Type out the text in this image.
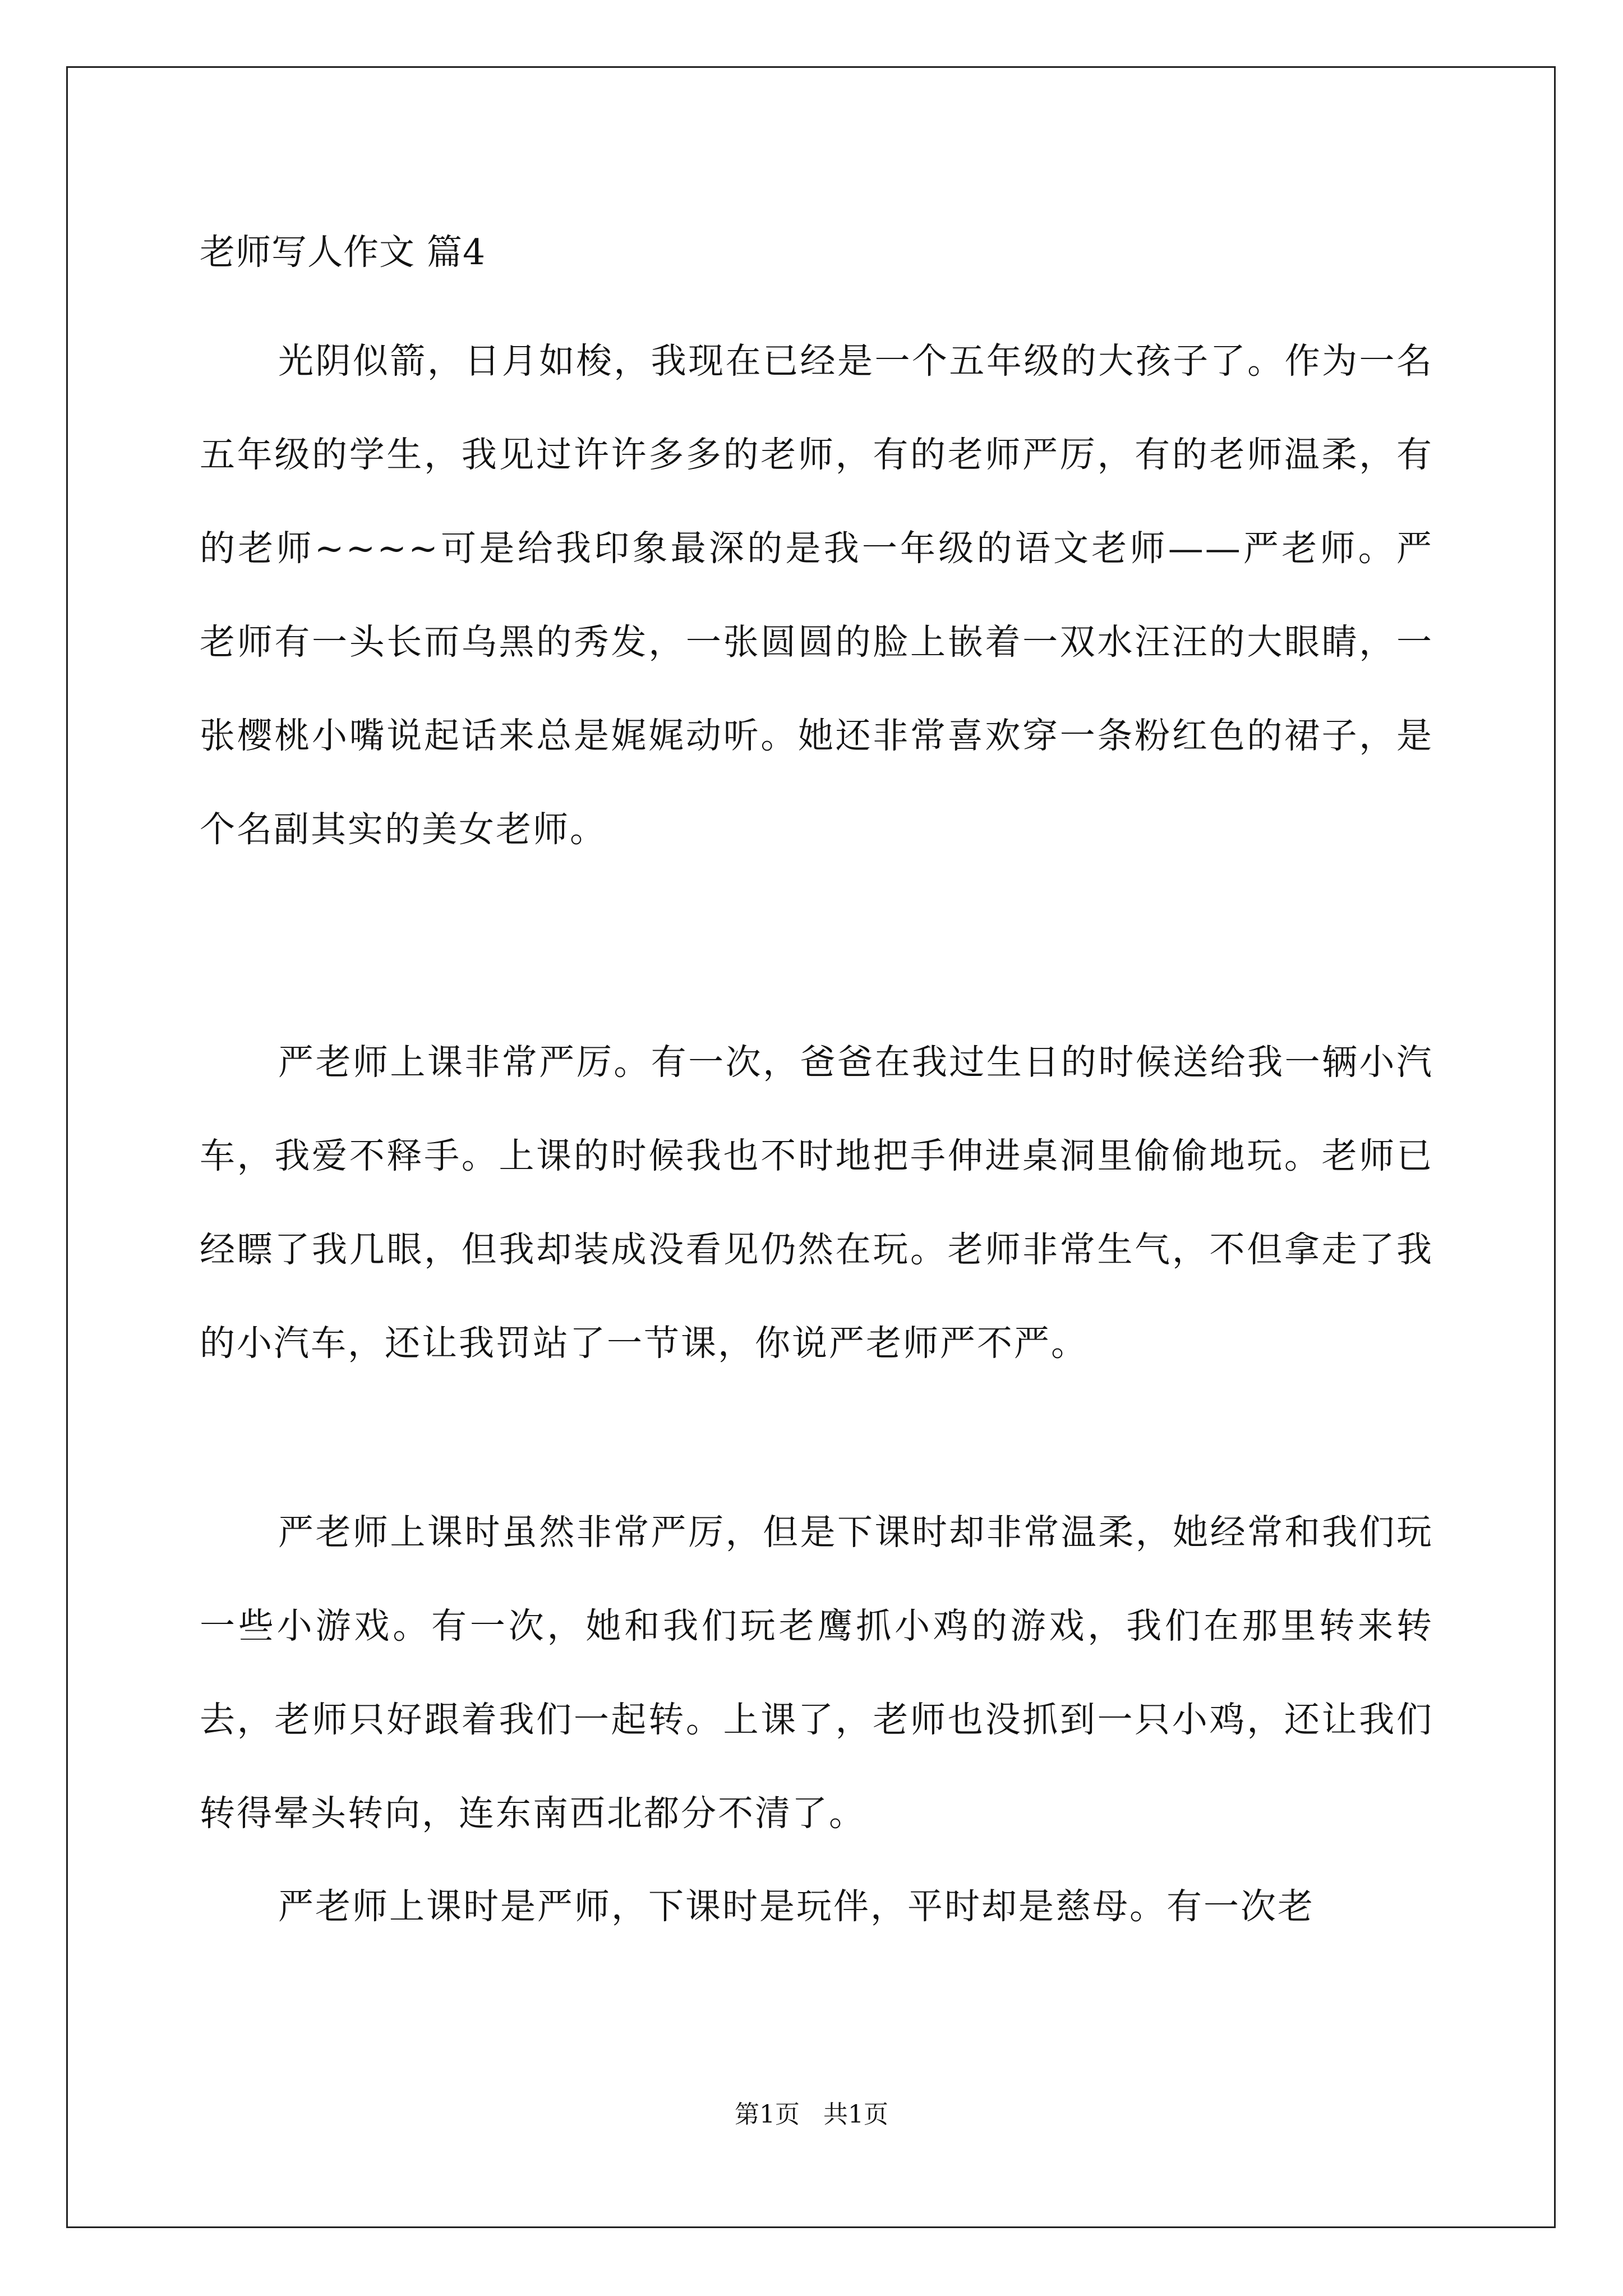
老师写人作文 篇4

光阴似箭，日月如梭，我现在已经是一个五年级的大孩子了。作为一名五年级的学生，我见过许许多多的老师，有的老师严厉，有的老师温柔，有的老师~~~~可是给我印象最深的是我一年级的语文老师——严老师。严老师有一头长而乌黑的秀发，一张圆圆的脸上嵌着一双水汪汪的大眼睛，一张樱桃小嘴说起话来总是娓娓动听。她还非常喜欢穿一条粉红色的裙子，是个名副其实的美女老师。

严老师上课非常严厉。有一次，爸爸在我过生日的时候送给我一辆小汽车，我爱不释手。上课的时候我也不时地把手伸进桌洞里偷偷地玩。老师已经瞟了我几眼，但我却装成没看见仍然在玩。老师非常生气，不但拿走了我的小汽车，还让我罚站了一节课，你说严老师严不严。

严老师上课时虽然非常严厉，但是下课时却非常温柔，她经常和我们玩一些小游戏。有一次，她和我们玩老鹰抓小鸡的游戏，我们在那里转来转去，老师只好跟着我们一起转。上课了，老师也没抓到一只小鸡，还让我们转得晕头转向，连东南西北都分不清了。

严老师上课时是严师，下课时是玩伴，平时却是慈母。有一次老

第1页   共1页
